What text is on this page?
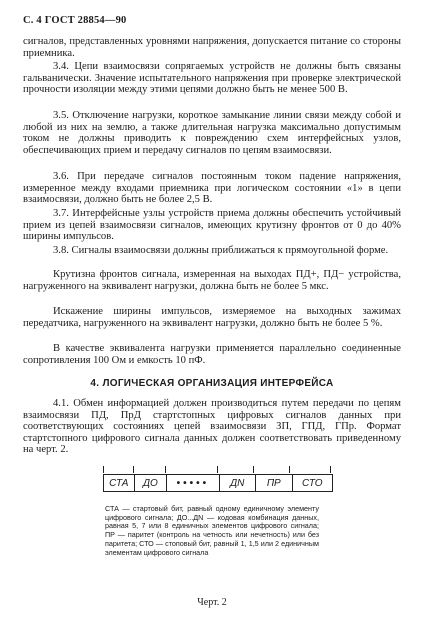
С. 4 ГОСТ 28854—90

сигналов, представленных уровнями напряжения, допускается питание со стороны приемника.

3.4. Цепи взаимосвязи сопрягаемых устройств не должны быть связаны гальванически. Значение испытательного напряжения при проверке электрической прочности изоляции между этими цепями должно быть не менее 500 В.

3.5. Отключение нагрузки, короткое замыкание линии связи между собой и любой из них на землю, а также длительная нагрузка максимально допустимым током не должны приводить к повреждению схем интерфейсных узлов, обеспечивающих прием и передачу сигналов по цепям взаимосвязи.

3.6. При передаче сигналов постоянным током падение напряжения, измеренное между входами приемника при логическом состоянии «1» в цепи взаимосвязи, должно быть не более 2,5 В.

3.7. Интерфейсные узлы устройств приема должны обеспечить устойчивый прием из цепей взаимосвязи сигналов, имеющих крутизну фронтов от 0 до 40% ширины импульсов.

3.8. Сигналы взаимосвязи должны приближаться к прямоугольной форме.

Крутизна фронтов сигнала, измеренная на выходах ПД+, ПД− устройства, нагруженного на эквивалент нагрузки, должна быть не более 5 мкс.

Искажение ширины импульсов, измеряемое на выходных зажимах передатчика, нагруженного на эквивалент нагрузки, должно быть не более 5 %.

В качестве эквивалента нагрузки применяется параллельно соединенные сопротивления 100 Ом и емкость 10 пФ.

4. ЛОГИЧЕСКАЯ ОРГАНИЗАЦИЯ ИНТЕРФЕЙСА

4.1. Обмен информацией должен производиться путем передачи по цепям взаимосвязи ПД, ПрД стартстопных цифровых сигналов данных при соответствующих состояниях цепей взаимосвязи ЗП, ГПД, ГПр. Формат стартстопного цифрового сигнала данных должен соответствовать приведенному на черт. 2.

СТА	ДО	•••••	ДN	ПР	СТО

СТА — стартовый бит, равный одному единичному элементу цифрового сигнала; ДО...ДN — кодовая комбинация данных, равная 5, 7 или 8 единичных элементов цифрового сигнала; ПР — паритет (контроль на четность или нечетность) или без паритета; СТО — стоповый бит, равный 1, 1,5 или 2 единичным элементам цифрового сигнала

Черт. 2
